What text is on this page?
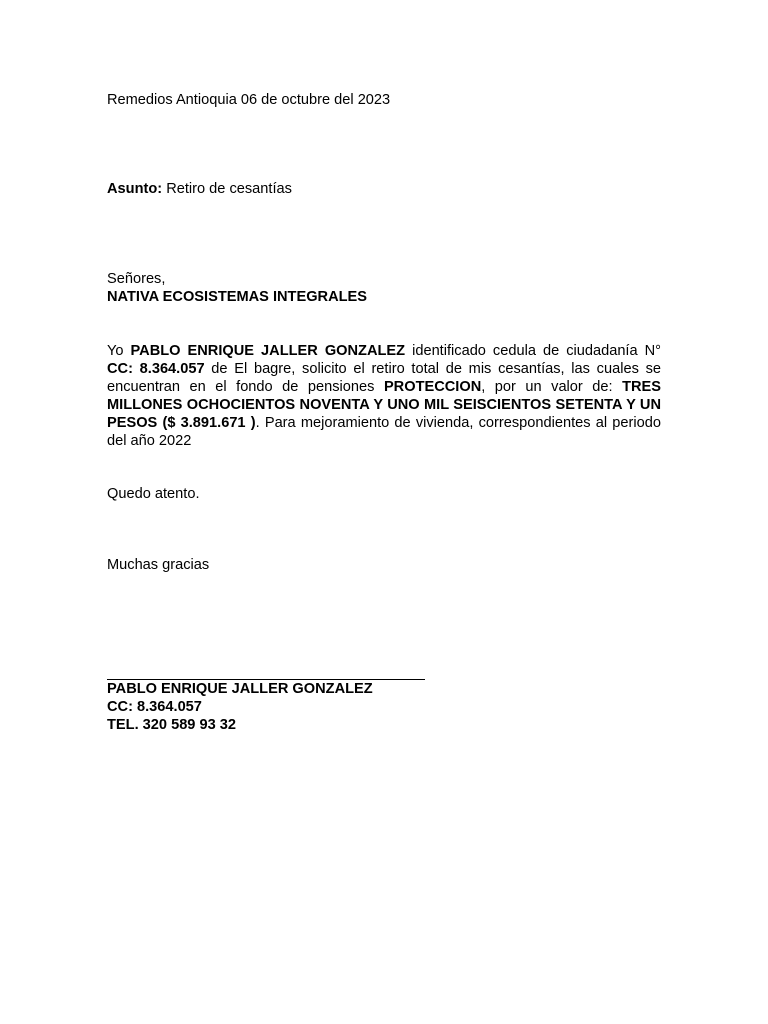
Remedios Antioquia 06 de octubre del 2023
Asunto: Retiro de cesantías
Señores,
NATIVA ECOSISTEMAS INTEGRALES
Yo PABLO ENRIQUE JALLER GONZALEZ identificado cedula de ciudadanía N° CC: 8.364.057 de El bagre, solicito el retiro total de mis cesantías, las cuales se encuentran en el fondo de pensiones PROTECCION, por un valor de: TRES MILLONES OCHOCIENTOS NOVENTA Y UNO MIL SEISCIENTOS SETENTA Y UN PESOS ($ 3.891.671 ). Para mejoramiento de vivienda, correspondientes al periodo del año 2022
Quedo atento.
Muchas gracias
PABLO ENRIQUE JALLER GONZALEZ
CC: 8.364.057
TEL. 320 589 93 32
